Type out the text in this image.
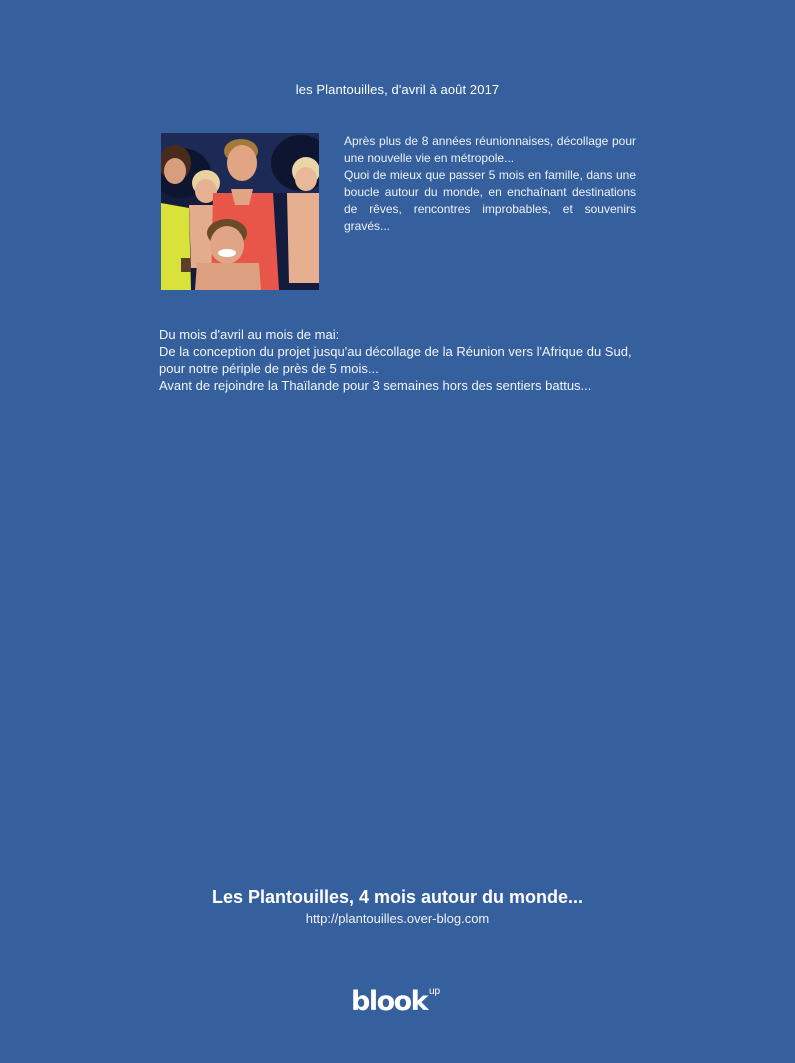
les Plantouilles, d'avril à août 2017

Après plus de 8 années réunionnaises, décollage pour une nouvelle vie en métropole...

Quoi de mieux que passer 5 mois en famille, dans une boucle autour du monde, en enchaînant destinations de rêves, rencontres improbables, et souvenirs gravés...

Du mois d'avril au mois de mai:

De la conception du projet jusqu'au décollage de la Réunion vers l'Afrique du Sud, pour notre périple de près de 5 mois...

Avant de rejoindre la Thaïlande pour 3 semaines hors des sentiers battus...

Les Plantouilles, 4 mois autour du monde...
http://plantouilles.over-blog.com
blook up
